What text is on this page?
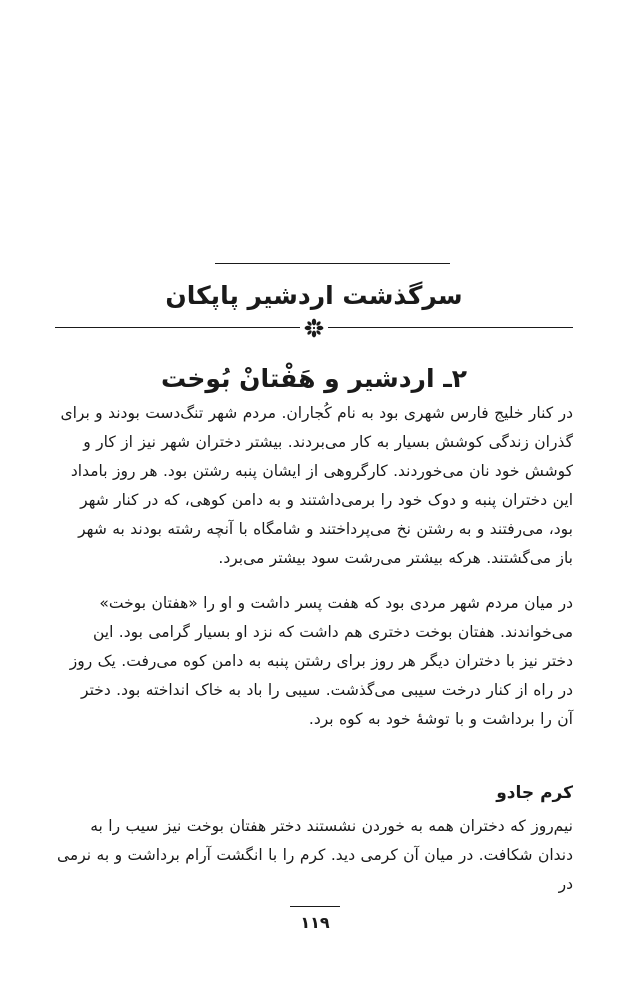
سرگذشت اردشیر پاپکان
۲ـ اردشیر و هَفْتانْ بُوخت

در کنار خلیج فارس شهری بود به نام کُجاران. مردم شهر تنگ‌دست بودند و برای
گذران زندگی کوشش بسیار به کار می‌بردند. بیشتر دختران شهر نیز از کار و
کوشش خود نان می‌خوردند. کارگروهی از ایشان پنبه رشتن بود. هر روز بامداد
این دختران پنبه و دوک خود را برمی‌داشتند و به دامن کوهی، که در کنار شهر
بود، می‌رفتند و به رشتن نخ می‌پرداختند و شامگاه با آنچه رشته بودند به شهر
باز می‌گشتند. هرکه بیشتر می‌رشت سود بیشتر می‌برد.

در میان مردم شهر مردی بود که هفت پسر داشت و او را «هفتان بوخت»
می‌خواندند. هفتان بوخت دختری هم داشت که نزد او بسیار گرامی بود. این
دختر نیز با دختران دیگر هر روز برای رشتن پنبه به دامن کوه می‌رفت. یک روز
در راه از کنار درخت سیبی می‌گذشت. سیبی را باد به خاک انداخته بود. دختر
آن را برداشت و با توشهٔ خود به کوه برد.

کرم جادو

نیم‌روز که دختران همه به خوردن نشستند دختر هفتان بوخت نیز سیب را به
دندان شکافت. در میان آن کرمی دید. کرم را با انگشت آرام برداشت و به نرمی در

۱۱۹
